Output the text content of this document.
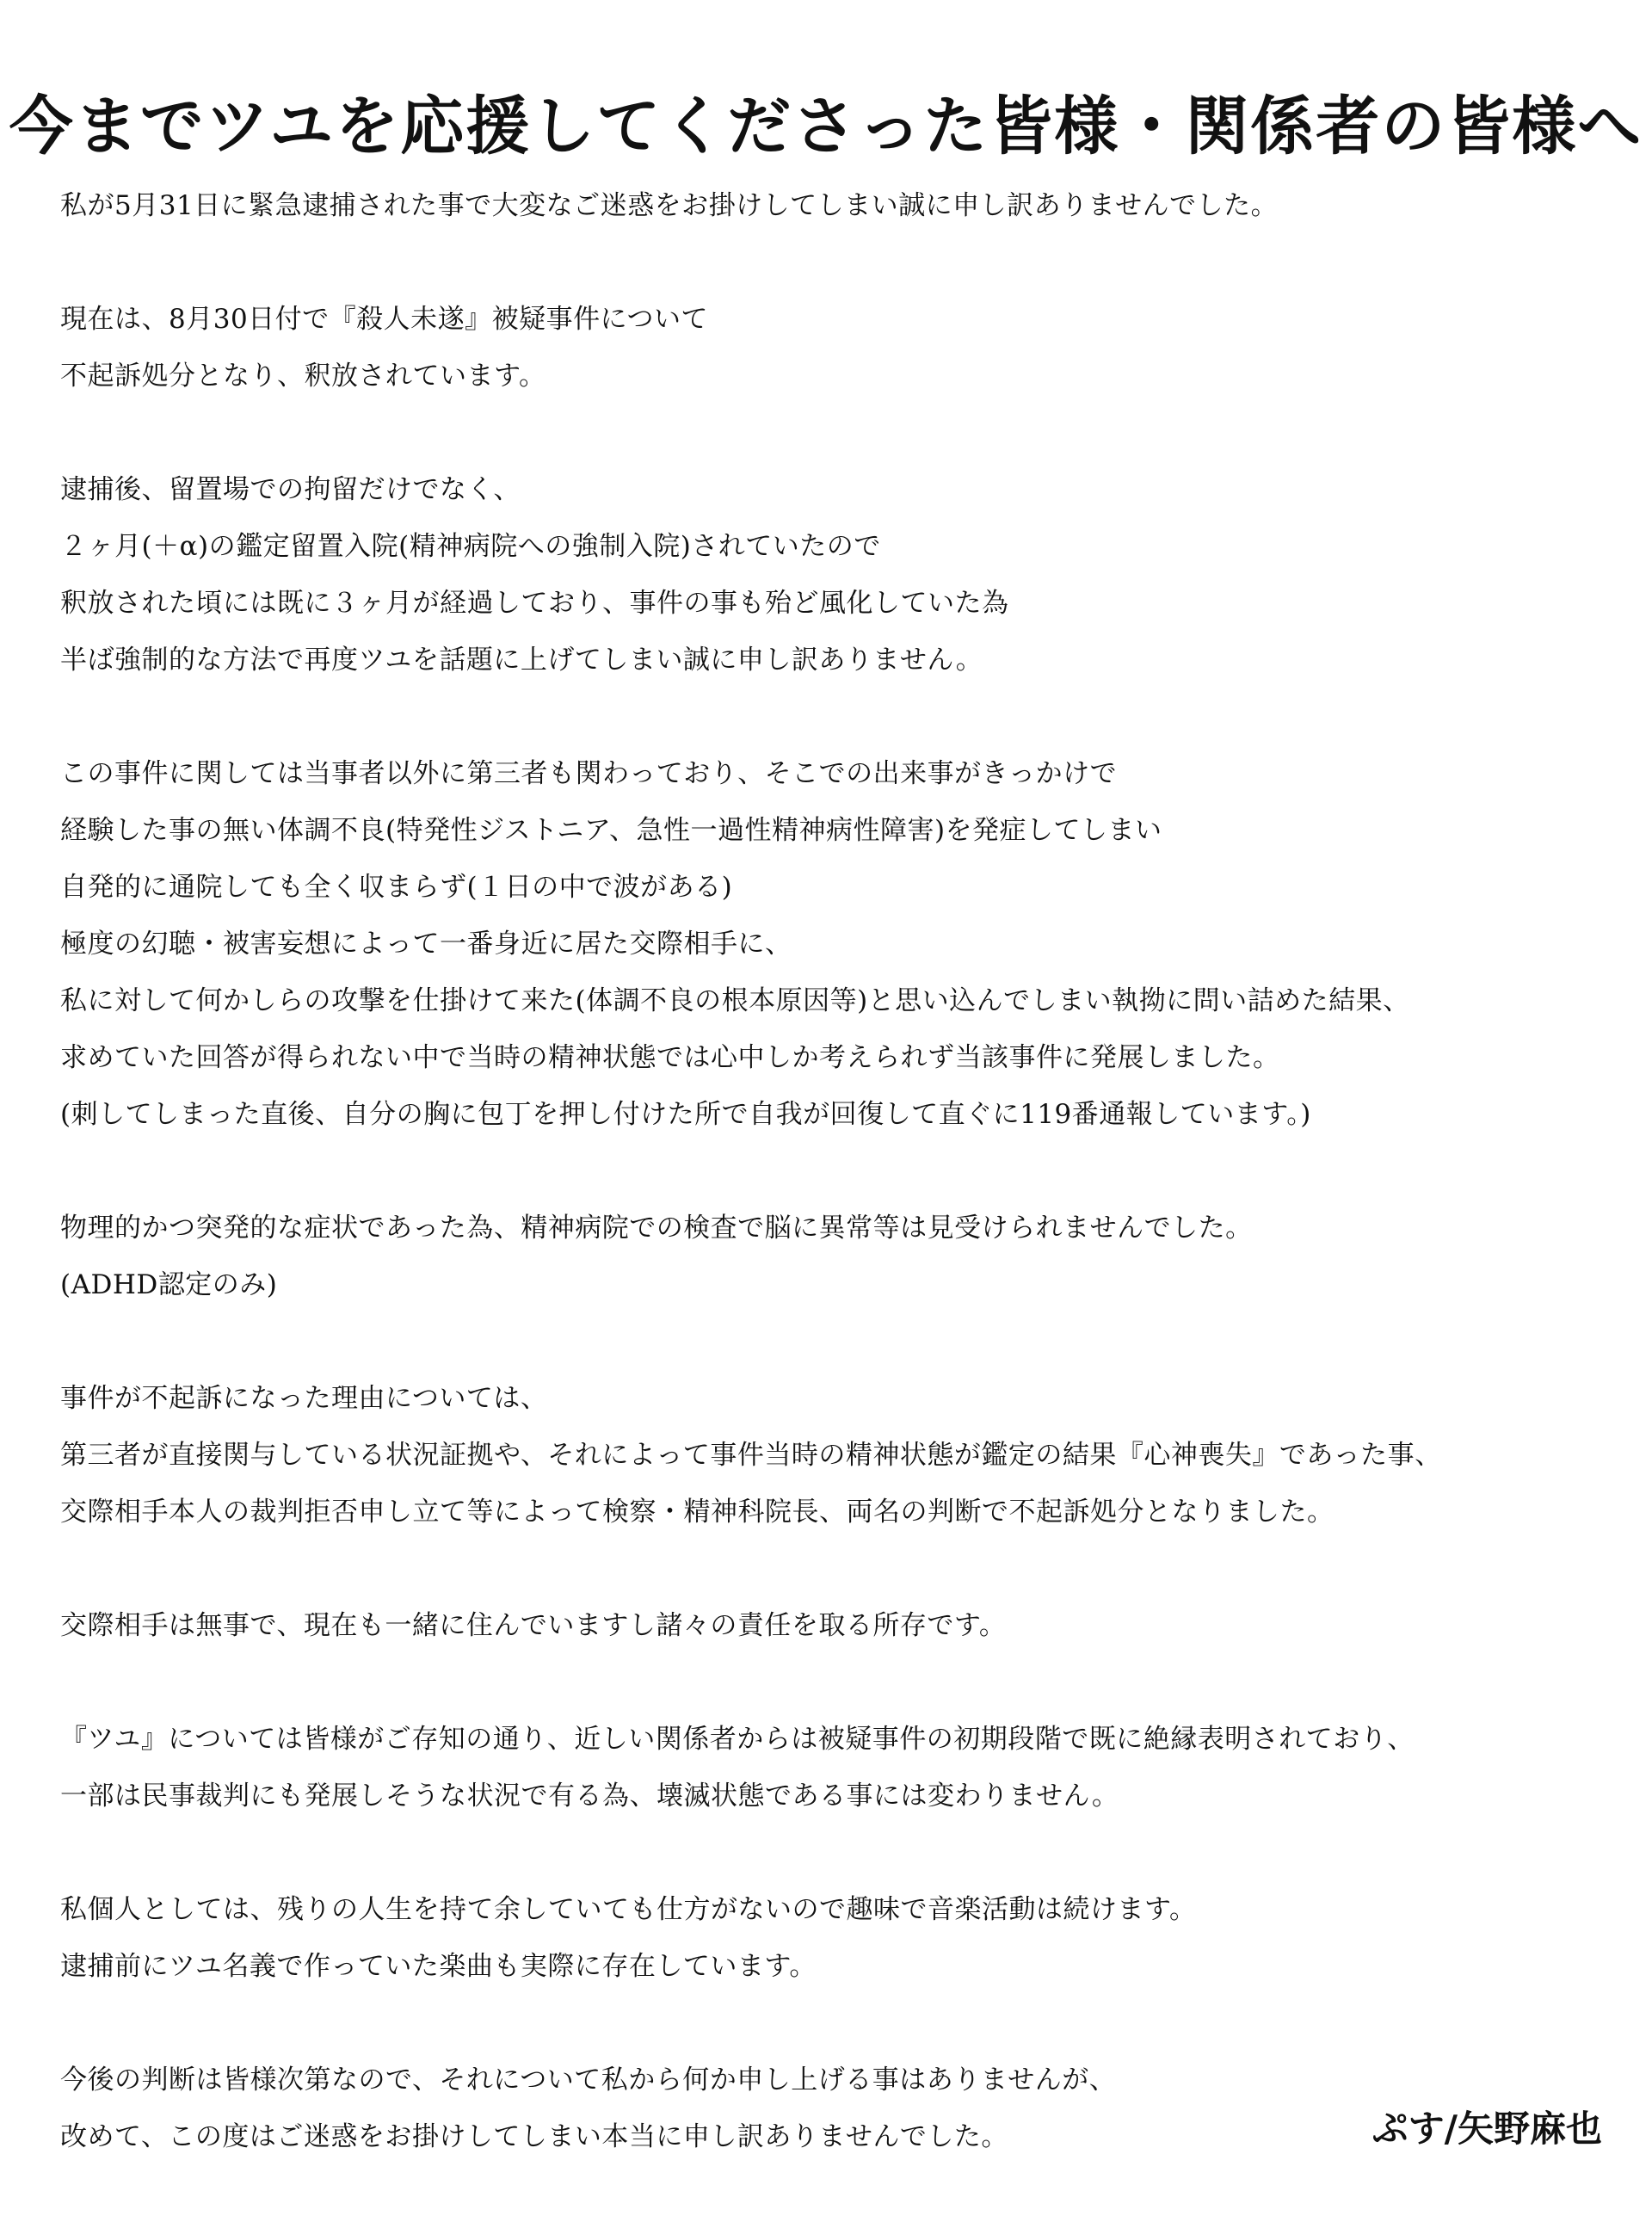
今までツユを応援してくださった皆様・関係者の皆様へ
私が5月31日に緊急逮捕された事で大変なご迷惑をお掛けしてしまい誠に申し訳ありませんでした。
現在は、8月30日付で『殺人未遂』被疑事件について
不起訴処分となり、釈放されています。
逮捕後、留置場での拘留だけでなく、
２ヶ月(＋α)の鑑定留置入院(精神病院への強制入院)されていたので
釈放された頃には既に３ヶ月が経過しており、事件の事も殆ど風化していた為
半ば強制的な方法で再度ツユを話題に上げてしまい誠に申し訳ありません。
この事件に関しては当事者以外に第三者も関わっており、そこでの出来事がきっかけで
経験した事の無い体調不良(特発性ジストニア、急性一過性精神病性障害)を発症してしまい
自発的に通院しても全く収まらず(１日の中で波がある)
極度の幻聴・被害妄想によって一番身近に居た交際相手に、
私に対して何かしらの攻撃を仕掛けて来た(体調不良の根本原因等)と思い込んでしまい執拗に問い詰めた結果、
求めていた回答が得られない中で当時の精神状態では心中しか考えられず当該事件に発展しました。
(刺してしまった直後、自分の胸に包丁を押し付けた所で自我が回復して直ぐに119番通報しています。)
物理的かつ突発的な症状であった為、精神病院での検査で脳に異常等は見受けられませんでした。
(ADHD認定のみ)
事件が不起訴になった理由については、
第三者が直接関与している状況証拠や、それによって事件当時の精神状態が鑑定の結果『心神喪失』であった事、
交際相手本人の裁判拒否申し立て等によって検察・精神科院長、両名の判断で不起訴処分となりました。
交際相手は無事で、現在も一緒に住んでいますし諸々の責任を取る所存です。
『ツユ』については皆様がご存知の通り、近しい関係者からは被疑事件の初期段階で既に絶縁表明されており、
一部は民事裁判にも発展しそうな状況で有る為、壊滅状態である事には変わりません。
私個人としては、残りの人生を持て余していても仕方がないので趣味で音楽活動は続けます。
逮捕前にツユ名義で作っていた楽曲も実際に存在しています。
今後の判断は皆様次第なので、それについて私から何か申し上げる事はありませんが、
改めて、この度はご迷惑をお掛けしてしまい本当に申し訳ありませんでした。	ぷす/矢野麻也
